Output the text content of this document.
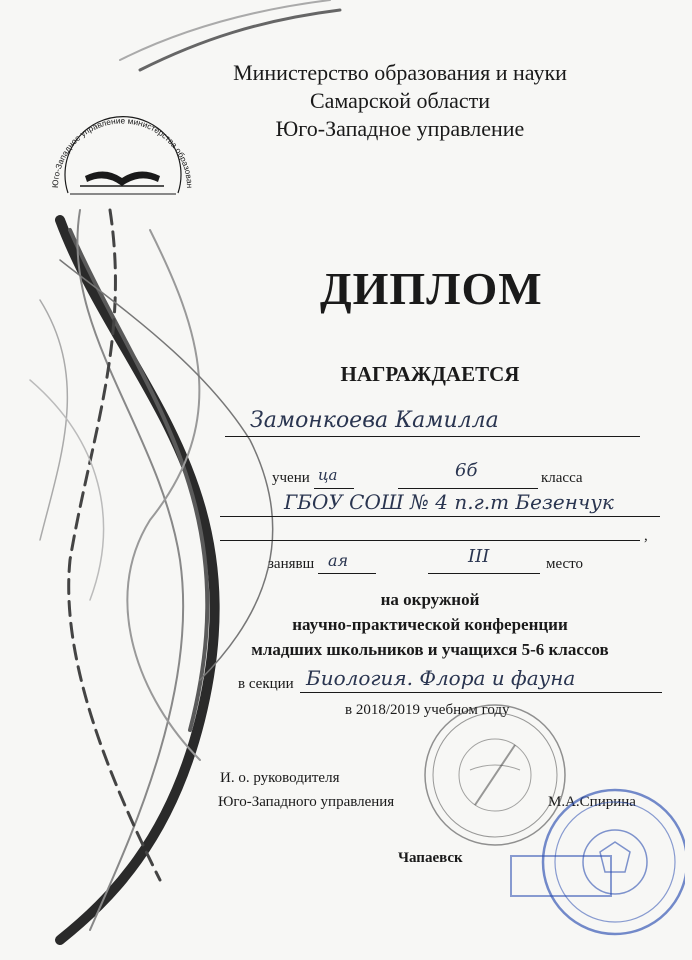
Юго-Западное управление министерства образован
Министерство образования и науки
Самарской области
Юго-Западное управление
ДИПЛОМ
НАГРАЖДАЕТСЯ
Замонкоева Камилла
учени ца	6б	класса
ГБОУ СОШ № 4 п.г.т Безенчук
,
занявш ая	III	место
на окружной
научно-практической конференции
младших школьников и учащихся 5-6 классов
в секции Биология. Флора и фауна
в 2018/2019 учебном году
И. о. руководителя
Юго-Западного управления	М.А.Спирина
Чапаевск
